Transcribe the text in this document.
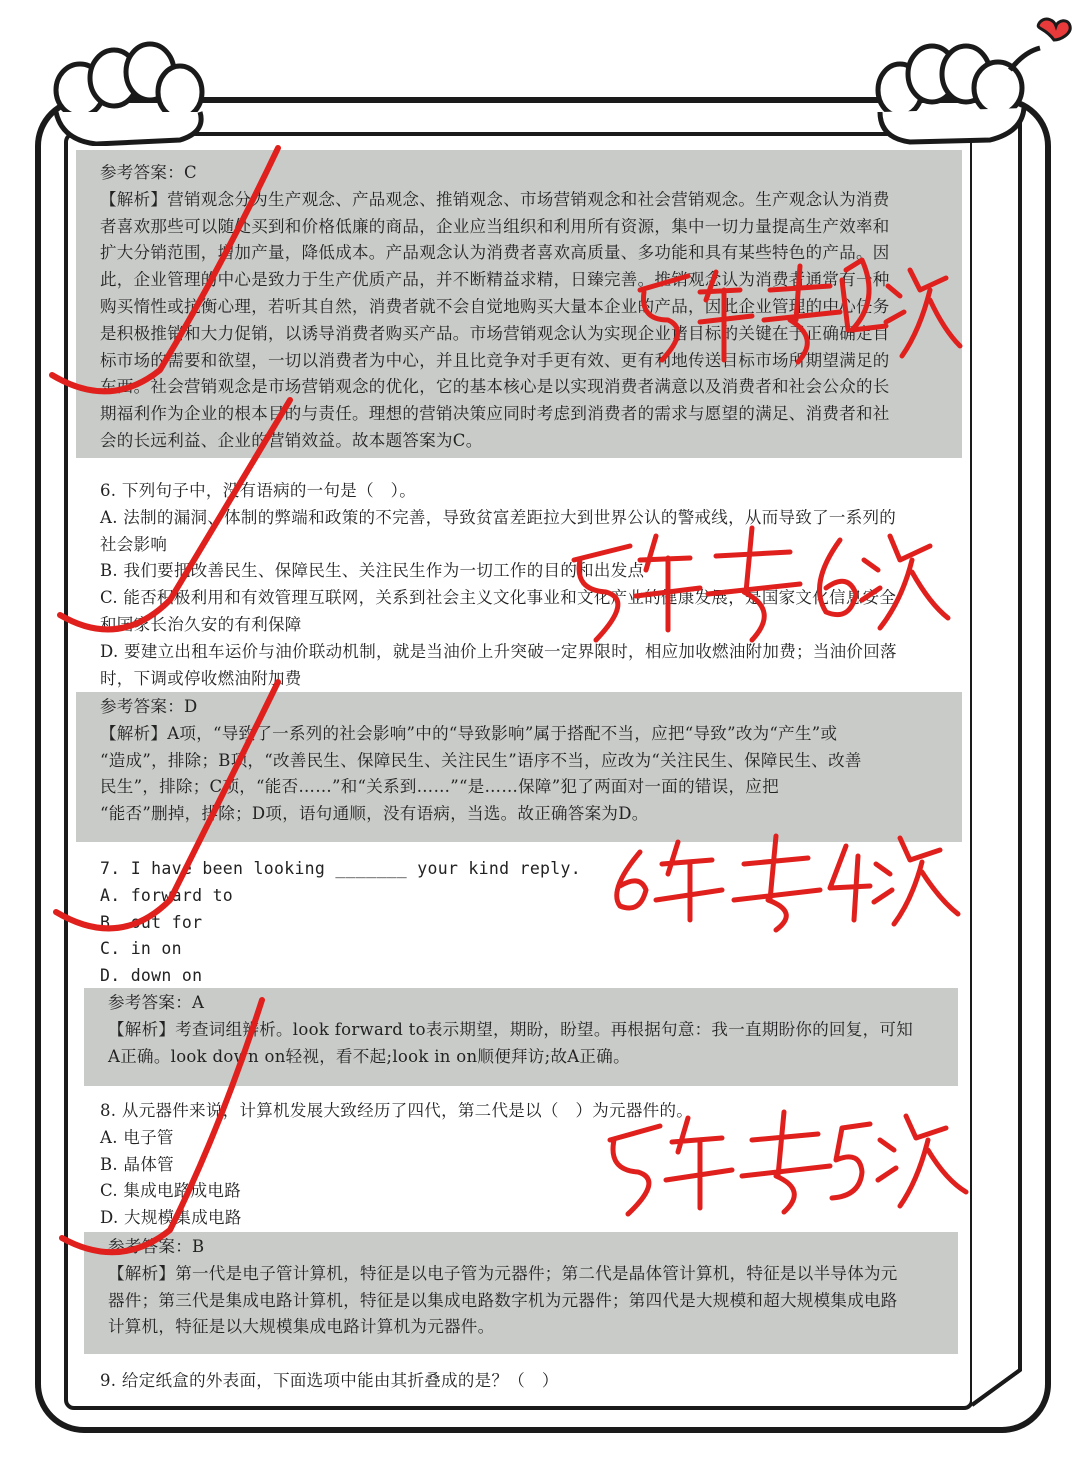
参考答案：C

【解析】营销观念分为生产观念、产品观念、推销观念、市场营销观念和社会营销观念。生产观念认为消费

者喜欢那些可以随处买到和价格低廉的商品，企业应当组织和利用所有资源，集中一切力量提高生产效率和

扩大分销范围，增加产量，降低成本。产品观念认为消费者喜欢高质量、多功能和具有某些特色的产品。因

此，企业管理的中心是致力于生产优质产品，并不断精益求精，日臻完善。推销观念认为消费者通常有一种

购买惰性或抗衡心理，若听其自然，消费者就不会自觉地购买大量本企业的产品，因此企业管理的中心任务

是积极推销和大力促销，以诱导消费者购买产品。市场营销观念认为实现企业诸目标的关键在于正确确定目

标市场的需要和欲望，一切以消费者为中心，并且比竞争对手更有效、更有利地传送目标市场所期望满足的

东西。社会营销观念是市场营销观念的优化，它的基本核心是以实现消费者满意以及消费者和社会公众的长

期福利作为企业的根本目的与责任。理想的营销决策应同时考虑到消费者的需求与愿望的满足、消费者和社

会的长远利益、企业的营销效益。故本题答案为C。

6. 下列句子中，没有语病的一句是（　）。

A. 法制的漏洞、体制的弊端和政策的不完善，导致贫富差距拉大到世界公认的警戒线，从而导致了一系列的

社会影响

B. 我们要把改善民生、保障民生、关注民生作为一切工作的目的和出发点

C. 能否积极利用和有效管理互联网，关系到社会主义文化事业和文化产业的健康发展，是国家文化信息安全

和国家长治久安的有利保障

D. 要建立出租车运价与油价联动机制，就是当油价上升突破一定界限时，相应加收燃油附加费；当油价回落

时，下调或停收燃油附加费

参考答案：D

【解析】A项，“导致了一系列的社会影响”中的“导致影响”属于搭配不当，应把“导致”改为“产生”或

“造成”，排除；B项，“改善民生、保障民生、关注民生”语序不当，应改为“关注民生、保障民生、改善

民生”，排除；C项，“能否……”和“关系到……”“是……保障”犯了两面对一面的错误，应把

“能否”删掉，排除；D项，语句通顺，没有语病，当选。故正确答案为D。

7. I have been looking _______ your kind reply.

A. forward to

B. out for

C. in on

D. down on

参考答案：A

【解析】考查词组辨析。look forward to表示期望，期盼，盼望。再根据句意：我一直期盼你的回复，可知

A正确。look down on轻视，看不起;look in on顺便拜访;故A正确。

8. 从元器件来说，计算机发展大致经历了四代，第二代是以（　）为元器件的。

A. 电子管

B. 晶体管

C. 集成电路成电路

D. 大规模集成电路

参考答案：B

【解析】第一代是电子管计算机，特征是以电子管为元器件；第二代是晶体管计算机，特征是以半导体为元

器件；第三代是集成电路计算机，特征是以集成电路数字机为元器件；第四代是大规模和超大规模集成电路

计算机，特征是以大规模集成电路计算机为元器件。

9. 给定纸盒的外表面，下面选项中能由其折叠成的是？（　）
